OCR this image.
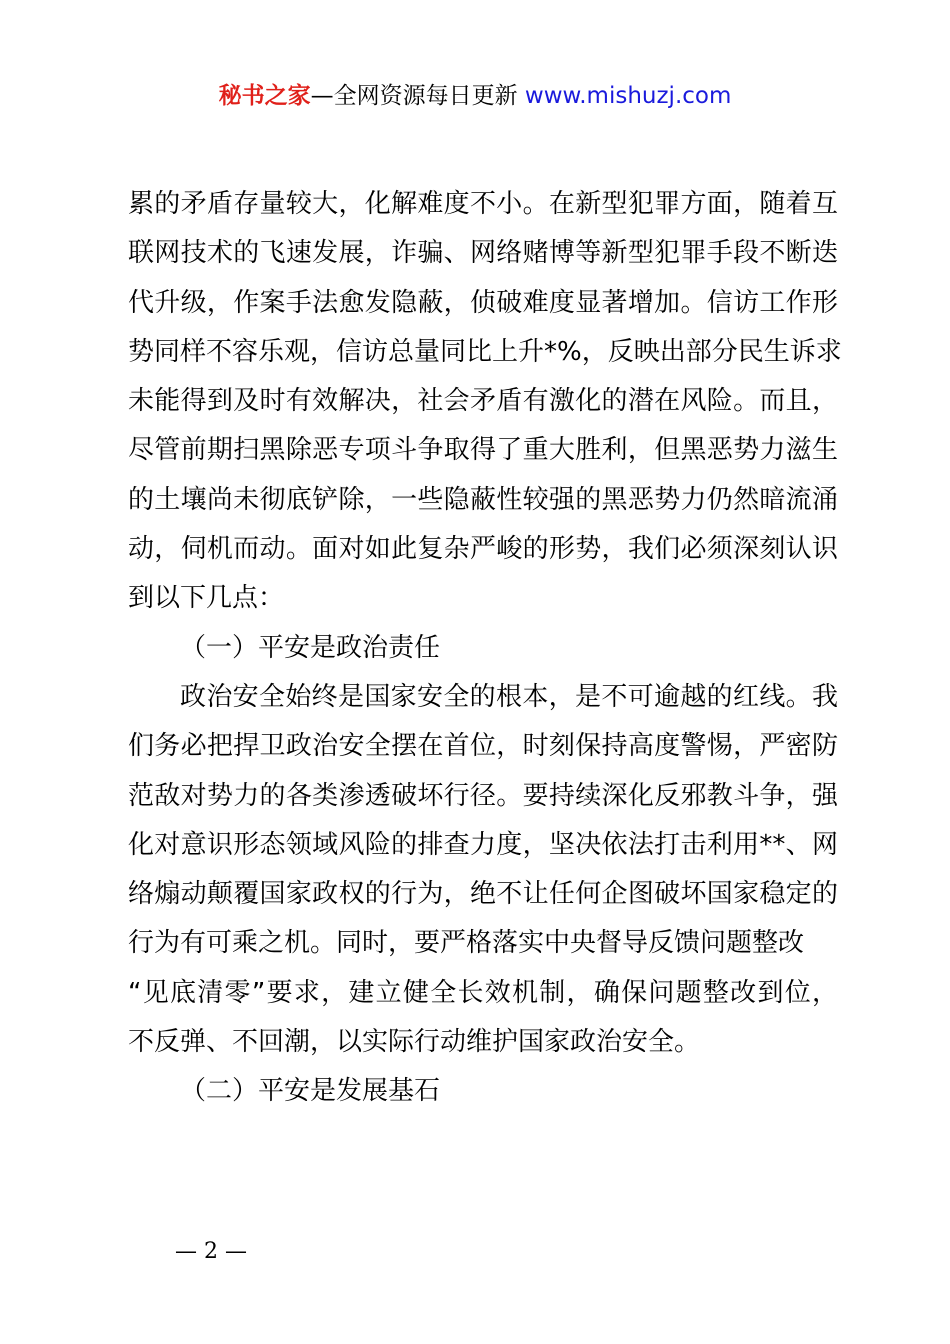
秘书之家—全网资源每日更新 www.mishuzj.com
累的矛盾存量较大，化解难度不小。在新型犯罪方面，随着互
联网技术的飞速发展，诈骗、网络赌博等新型犯罪手段不断迭
代升级，作案手法愈发隐蔽，侦破难度显著增加。信访工作形
势同样不容乐观，信访总量同比上升*%，反映出部分民生诉求
未能得到及时有效解决，社会矛盾有激化的潜在风险。而且，
尽管前期扫黑除恶专项斗争取得了重大胜利，但黑恶势力滋生
的土壤尚未彻底铲除，一些隐蔽性较强的黑恶势力仍然暗流涌
动，伺机而动。面对如此复杂严峻的形势，我们必须深刻认识
到以下几点：
（一）平安是政治责任
政治安全始终是国家安全的根本，是不可逾越的红线。我
们务必把捍卫政治安全摆在首位，时刻保持高度警惕，严密防
范敌对势力的各类渗透破坏行径。要持续深化反邪教斗争，强
化对意识形态领域风险的排查力度，坚决依法打击利用**、网
络煽动颠覆国家政权的行为，绝不让任何企图破坏国家稳定的
行为有可乘之机。同时，要严格落实中央督导反馈问题整改
“见底清零”要求，建立健全长效机制，确保问题整改到位，
不反弹、不回潮，以实际行动维护国家政治安全。
（二）平安是发展基石
— 2 —
